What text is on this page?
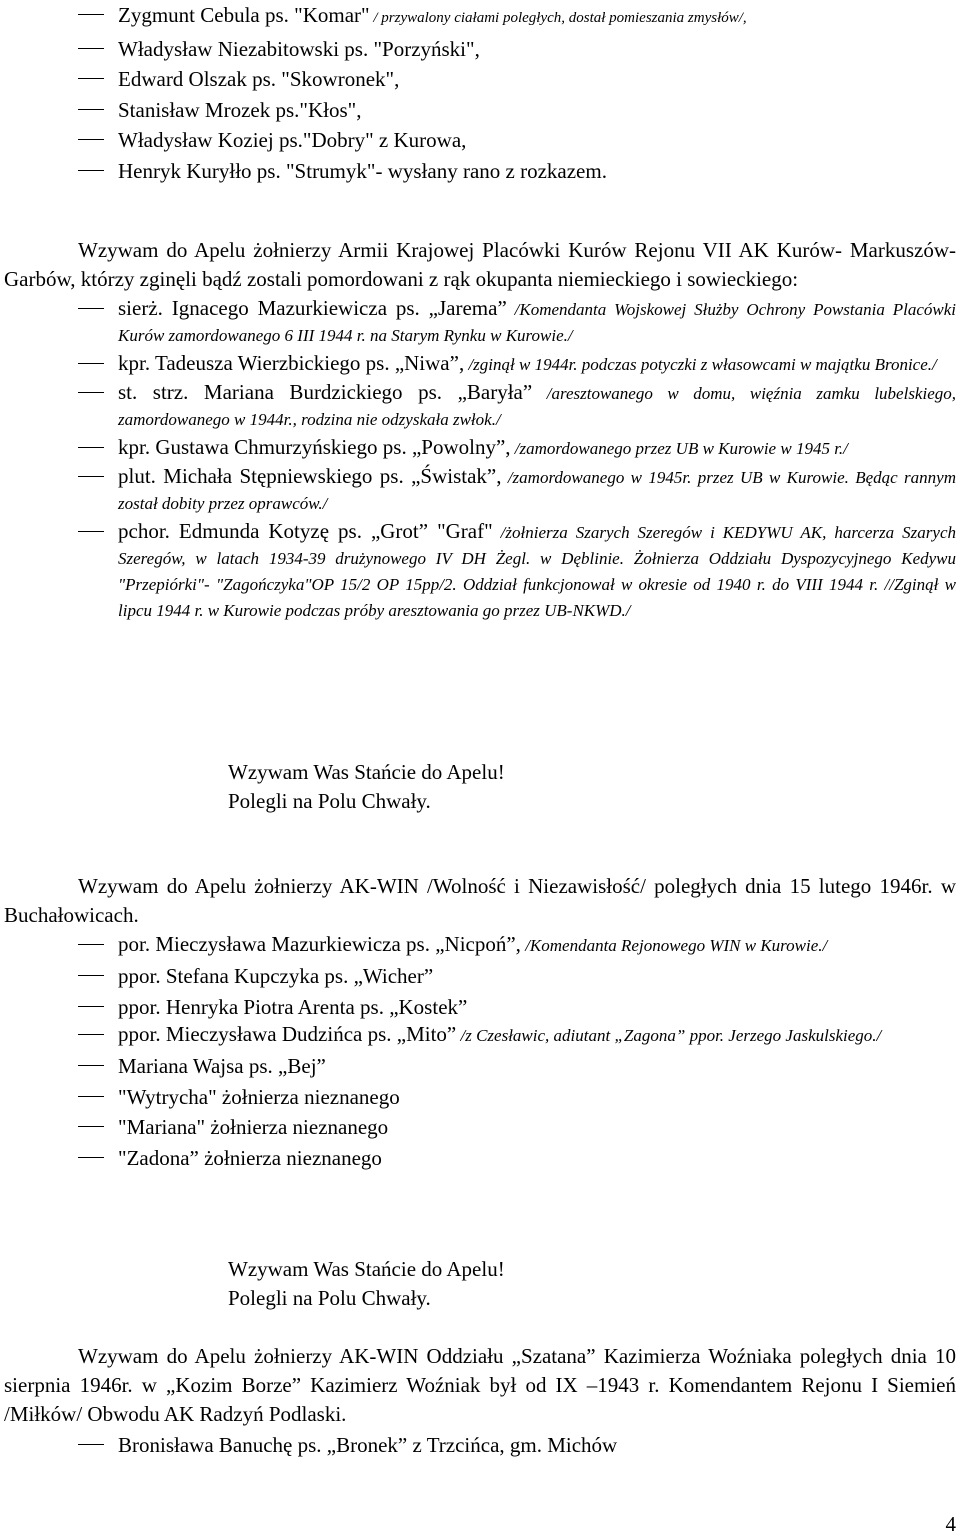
Zygmunt Cebula ps. "Komar" / przywalony ciałami poległych, dostał pomieszania zmysłów/,
Władysław Niezabitowski ps. "Porzyński",
Edward Olszak ps. "Skowronek",
Stanisław Mrozek ps."Kłos",
Władysław Koziej ps."Dobry" z Kurowa,
Henryk Kuryłło ps. "Strumyk"- wysłany rano z rozkazem.

Wzywam do Apelu żołnierzy Armii Krajowej Placówki Kurów Rejonu VII AK Kurów- Markuszów- Garbów, którzy zginęli bądź zostali pomordowani z rąk okupanta niemieckiego i sowieckiego:

sierż. Ignacego Mazurkiewicza ps. „Jarema” /Komendanta Wojskowej Służby Ochrony Powstania Placówki Kurów zamordowanego 6 III 1944 r. na Starym Rynku w Kurowie./
kpr. Tadeusza Wierzbickiego ps. „Niwa”, /zginął w 1944r. podczas potyczki z własowcami w majątku Bronice./
st. strz. Mariana Burdzickiego ps. „Baryła” /aresztowanego w domu, więźnia zamku lubelskiego, zamordowanego w 1944r., rodzina nie odzyskała zwłok./
kpr. Gustawa Chmurzyńskiego ps. „Powolny”, /zamordowanego przez UB w Kurowie w 1945 r./
plut. Michała Stępniewskiego ps. „Świstak”, /zamordowanego w 1945r. przez UB w Kurowie. Będąc rannym został dobity przez oprawców./
pchor. Edmunda Kotyzę ps. „Grot” "Graf" /żołnierza Szarych Szeregów i KEDYWU AK, harcerza Szarych Szeregów, w latach 1934-39 drużynowego IV DH Żegl. w Dęblinie. Żołnierza Oddziału Dyspozycyjnego Kedywu "Przepiórki"- "Zagończyka"OP 15/2 OP 15pp/2. Oddział funkcjonował w okresie od 1940 r. do VIII 1944 r. //Zginął w lipcu 1944 r. w Kurowie podczas próby aresztowania go przez UB-NKWD./
Wzywam Was Stańcie do Apelu!
Polegli na Polu Chwały.

Wzywam do Apelu żołnierzy AK-WIN /Wolność i Niezawisłość/ poległych dnia 15 lutego 1946r. w Buchałowicach.

por. Mieczysława Mazurkiewicza ps. „Nicpoń”, /Komendanta Rejonowego WIN w Kurowie./
ppor. Stefana Kupczyka ps. „Wicher”
ppor. Henryka Piotra Arenta ps. „Kostek”
ppor. Mieczysława Dudzińca ps. „Mito” /z Czesławic, adiutant „Zagona” ppor. Jerzego Jaskulskiego./
Mariana Wajsa ps. „Bej”
"Wytrycha" żołnierza nieznanego
"Mariana" żołnierza nieznanego
"Zadona” żołnierza nieznanego
Wzywam Was Stańcie do Apelu!
Polegli na Polu Chwały.

Wzywam do Apelu żołnierzy AK-WIN Oddziału „Szatana” Kazimierza Woźniaka poległych dnia 10 sierpnia 1946r. w „Kozim Borze” Kazimierz Woźniak był od IX –1943 r. Komendantem Rejonu I Siemień /Miłków/ Obwodu AK Radzyń Podlaski.

Bronisława Banuchę ps. „Bronek” z Trzcińca, gm. Michów
4
